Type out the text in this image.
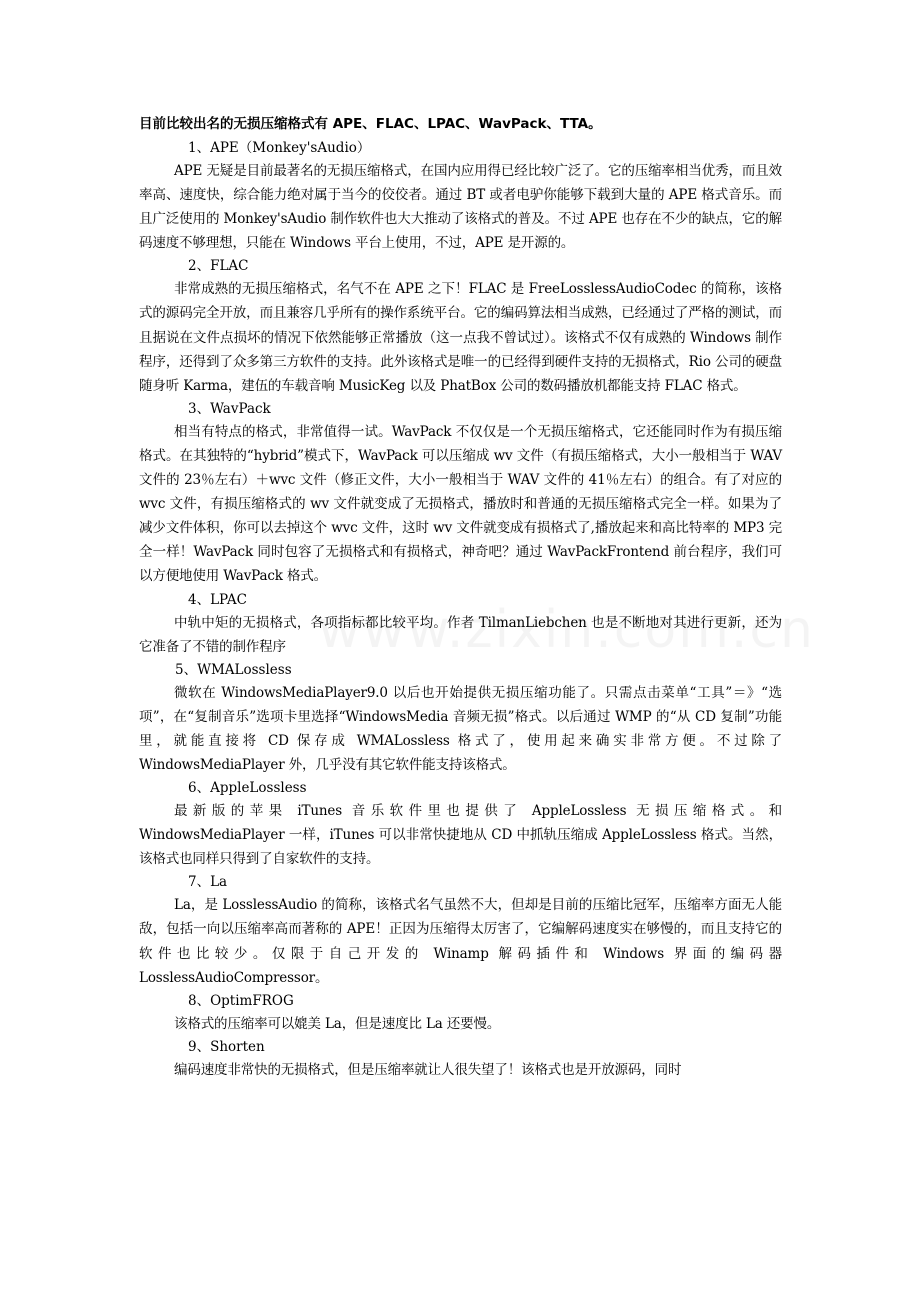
目前比较出名的无损压缩格式有 APE、FLAC、LPAC、WavPack、TTA。
1、APE（Monkey'sAudio）

APE 无疑是目前最著名的无损压缩格式，在国内应用得已经比较广泛了。它的压缩率相当优秀，而且效率高、速度快，综合能力绝对属于当今的佼佼者。通过 BT 或者电驴你能够下载到大量的 APE 格式音乐。而且广泛使用的 Monkey'sAudio 制作软件也大大推动了该格式的普及。不过 APE 也存在不少的缺点，它的解码速度不够理想，只能在 Windows 平台上使用，不过，APE 是开源的。

2、FLAC

非常成熟的无损压缩格式，名气不在 APE 之下！FLAC 是 FreeLosslessAudioCodec 的简称，该格式的源码完全开放，而且兼容几乎所有的操作系统平台。它的编码算法相当成熟，已经通过了严格的测试，而且据说在文件点损坏的情况下依然能够正常播放（这一点我不曾试过）。该格式不仅有成熟的 Windows 制作程序，还得到了众多第三方软件的支持。此外该格式是唯一的已经得到硬件支持的无损格式，Rio 公司的硬盘随身听 Karma，建伍的车载音响 MusicKeg 以及 PhatBox 公司的数码播放机都能支持 FLAC 格式。

3、WavPack

相当有特点的格式，非常值得一试。WavPack 不仅仅是一个无损压缩格式，它还能同时作为有损压缩格式。在其独特的“hybrid”模式下，WavPack 可以压缩成 wv 文件（有损压缩格式，大小一般相当于 WAV 文件的 23％左右）＋wvc 文件（修正文件，大小一般相当于 WAV 文件的 41％左右）的组合。有了对应的 wvc 文件，有损压缩格式的 wv 文件就变成了无损格式，播放时和普通的无损压缩格式完全一样。如果为了减少文件体积，你可以去掉这个 wvc 文件，这时 wv 文件就变成有损格式了,播放起来和高比特率的 MP3 完全一样！WavPack 同时包容了无损格式和有损格式，神奇吧？通过 WavPackFrontend 前台程序，我们可以方便地使用 WavPack 格式。

4、LPAC

中轨中矩的无损格式，各项指标都比较平均。作者 TilmanLiebchen 也是不断地对其进行更新，还为它准备了不错的制作程序

5、WMALossless

微软在 WindowsMediaPlayer9.0 以后也开始提供无损压缩功能了。只需点击菜单“工具”＝》“选项”，在“复制音乐”选项卡里选择“WindowsMedia 音频无损”格式。以后通过 WMP 的“从 CD 复制”功能里，就能直接将 CD 保存成 WMALossless 格式了，使用起来确实非常方便。不过除了 WindowsMediaPlayer 外，几乎没有其它软件能支持该格式。

6、AppleLossless

最新版的苹果 iTunes 音乐软件里也提供了 AppleLossless 无损压缩格式。和 WindowsMediaPlayer 一样，iTunes 可以非常快捷地从 CD 中抓轨压缩成 AppleLossless 格式。当然，该格式也同样只得到了自家软件的支持。

7、La

La，是 LosslessAudio 的简称，该格式名气虽然不大，但却是目前的压缩比冠军，压缩率方面无人能敌，包括一向以压缩率高而著称的 APE！正因为压缩得太厉害了，它编解码速度实在够慢的，而且支持它的软件也比较少。仅限于自己开发的 Winamp 解码插件和 Windows 界面的编码器 LosslessAudioCompressor。

8、OptimFROG

该格式的压缩率可以媲美 La，但是速度比 La 还要慢。

9、Shorten

编码速度非常快的无损格式，但是压缩率就让人很失望了！该格式也是开放源码，同时
